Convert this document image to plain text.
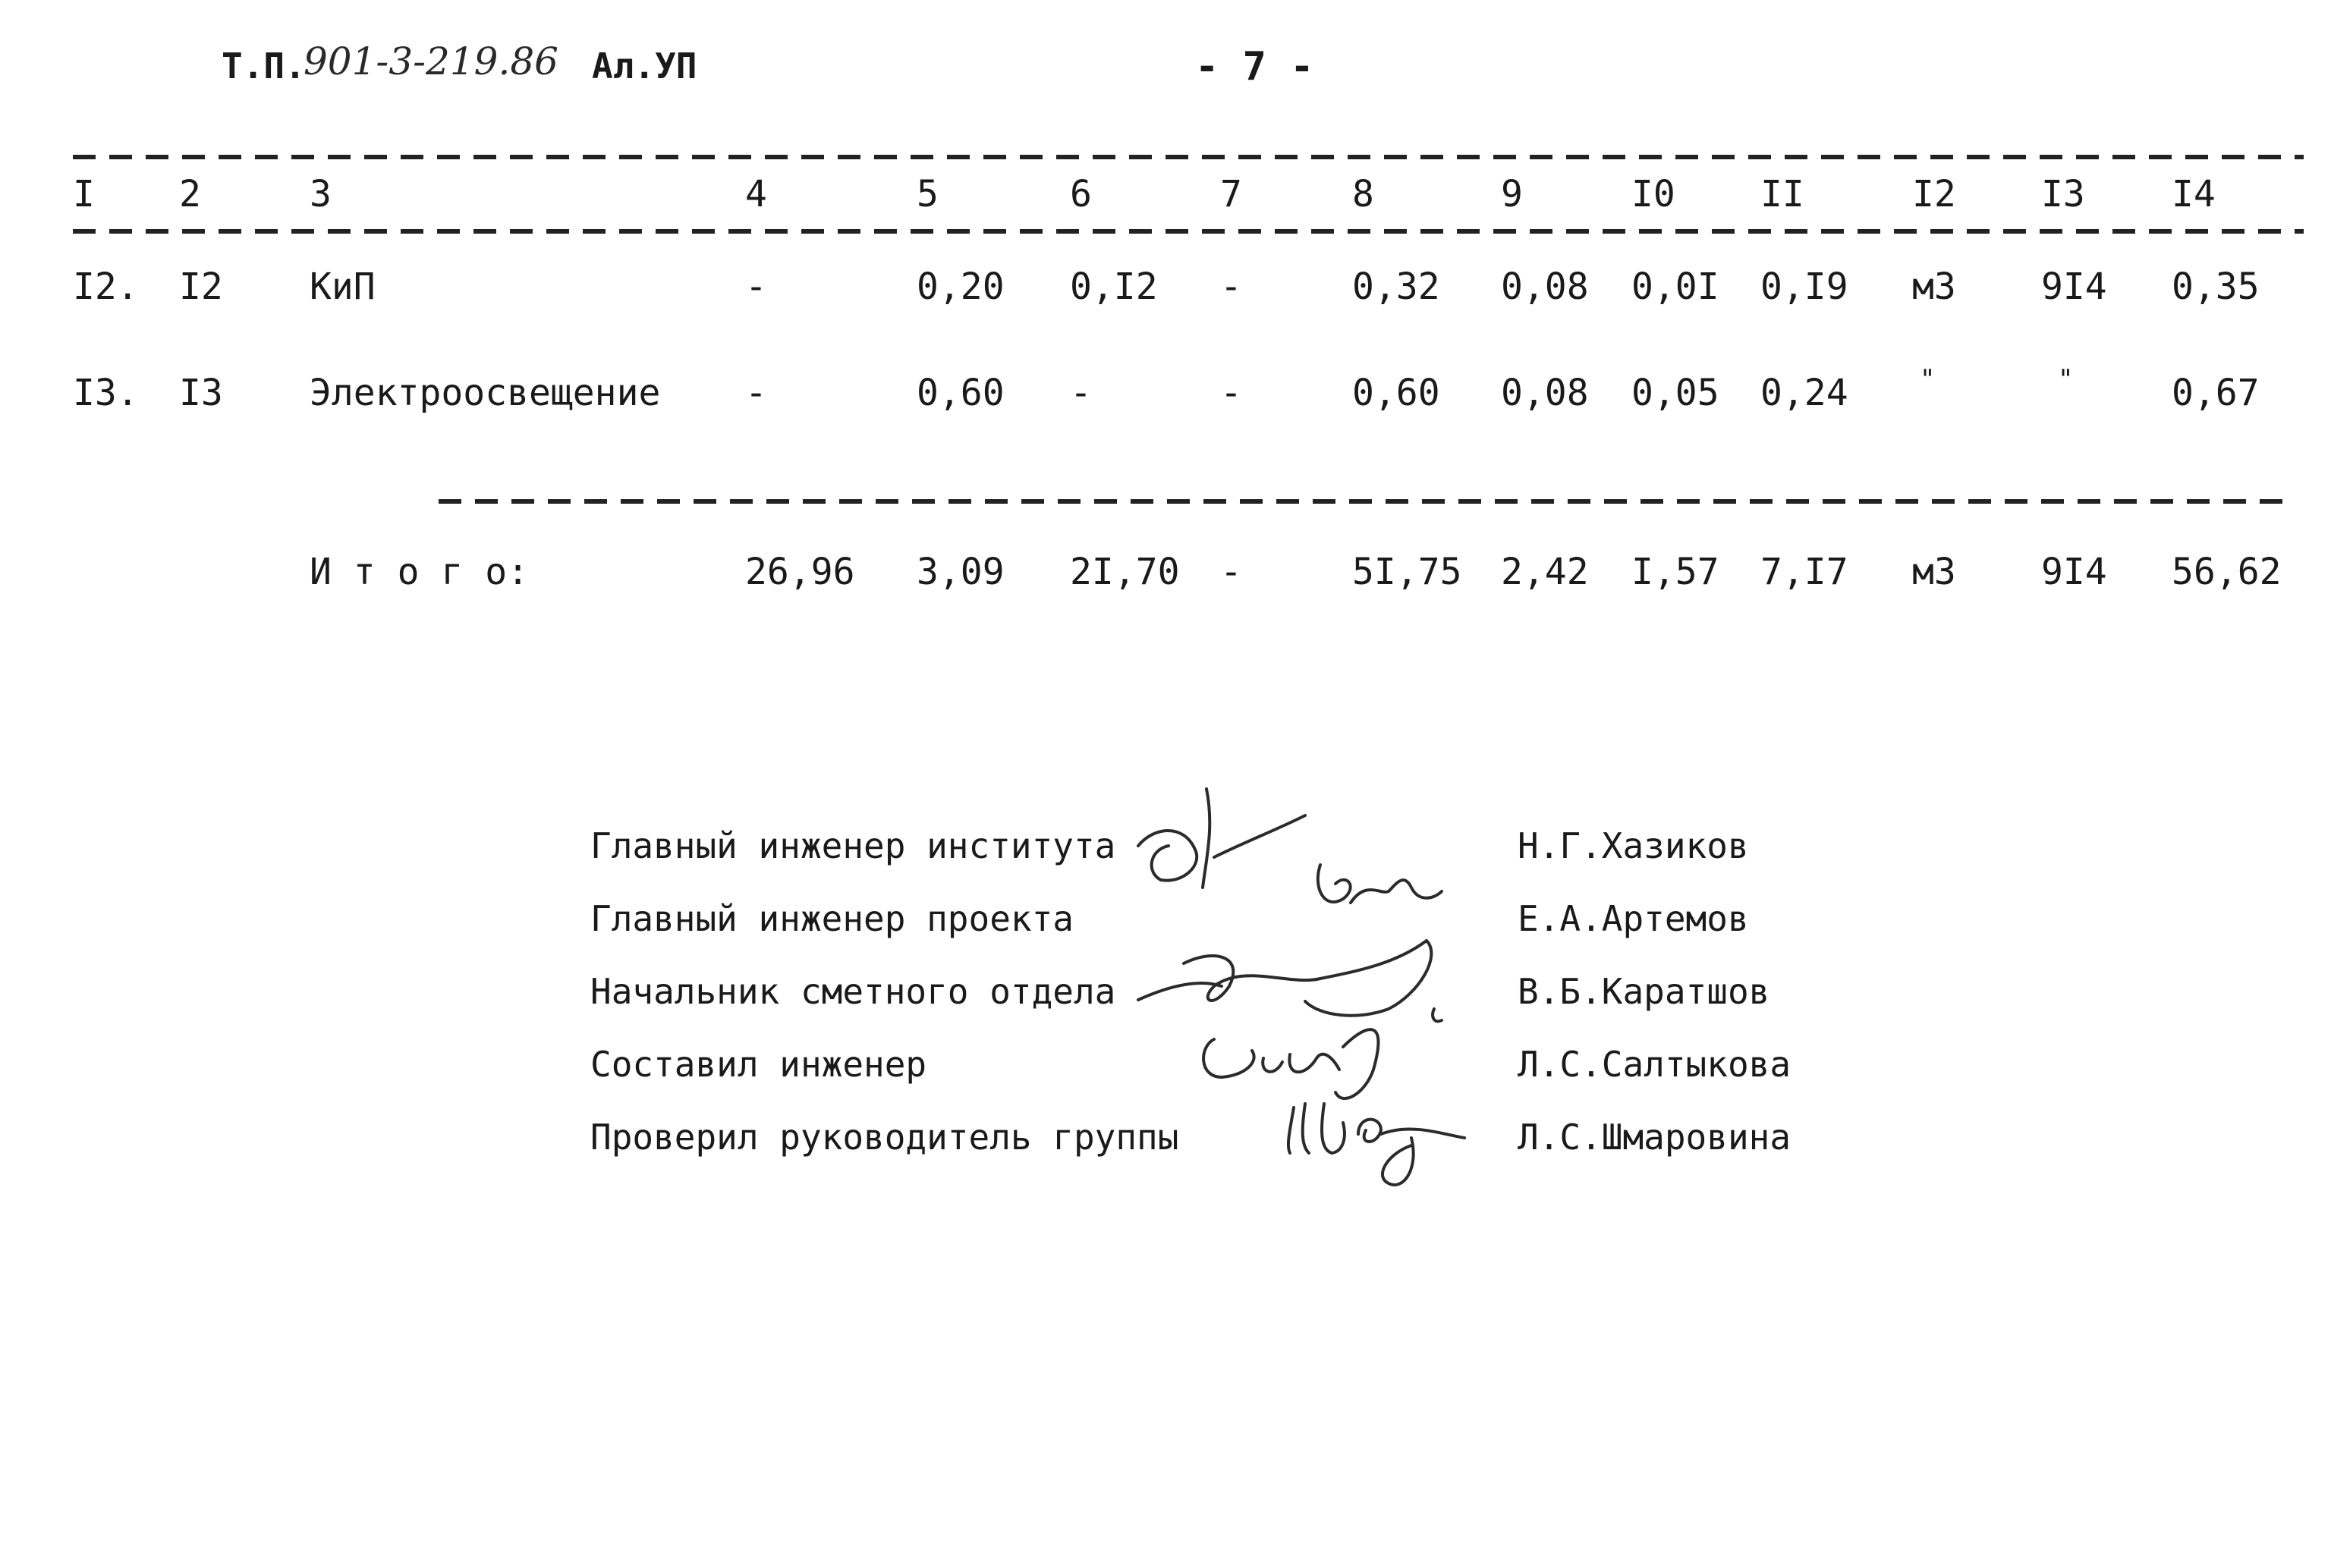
Т.П.
901-3-219.86 Ал.УП	- 7 -
I 2	3	4	5	6	7	8	9	I0 II	I2 I3 I4
I2. I2 КиП	-	0,20 0,I2 -	0,32 0,08 0,0I 0,I9 м3 9I4 0,35
I3. I3 Электроосвещение -	0,60 -	-	0,60 0,08 0,05 0,24	"	"	0,67
И т о г о:	26,96 3,09 2I,70 -	5I,75 2,42 I,57 7,I7 м3 9I4 56,62
Главный инженер института	Н.Г.Хазиков
Главный инженер проекта	Е.А.Артемов
Начальник сметного отдела	В.Б.Каратшов
Составил инженер	Л.С.Салтыкова
Проверил руководитель группы	Л.С.Шмаровина
